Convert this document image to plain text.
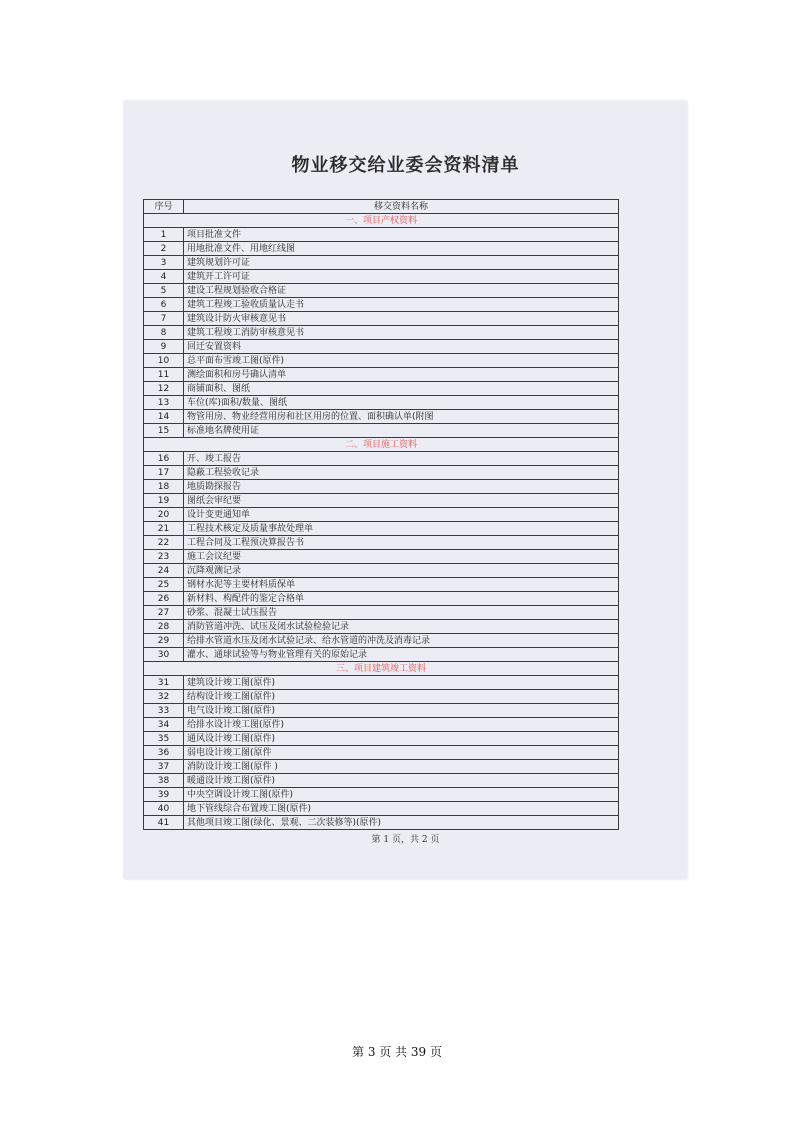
物业移交给业委会资料清单
序号	移交资料名称
一、项目产权资料	
1	项目批准文件
2	用地批准文件、用地红线图
3	建筑规划许可证
4	建筑开工许可证
5	建设工程规划验收合格证
6	建筑工程竣工验收质量认走书
7	建筑设计防火审核意见书
8	建筑工程竣工消防审核意见书
9	回迁安置资料
10	总平面布雪竣工图(原件)
11	测绘面积和房号确认清单
12	商铺面积、图纸
13	车位(库)面积/数量、图纸
14	物管用房、物业经营用房和社区用房的位置、面积确认单(附图
15	标准地名牌使用证
二、项目施工资料	
16	开、竣工报告
17	隐蔽工程验收记录
18	地质勘探报告
19	图纸会审纪要
20	设计变更通知单
21	工程技术核定及质量事故处理单
22	工程合同及工程预决算报告书
23	施工会议纪要
24	沉降观测记录
25	钢材水泥等主要材料质保单
26	新材料、构配件的鉴定合格单
27	砂浆、混凝士试压报告
28	消防管道冲洗、试压及闭水试验检验记录
29	给排水管道水压及闭水试验记录、给水管道的冲洗及消毒记录
30	灌水、通球试验等与物业管理有关的原始记录
三、项目建筑竣工资料	
31	建筑设计竣工图(原件)
32	结构设计竣工图(原件)
33	电气设计竣工图(原件)
34	给排水设计竣工图(原件)
35	通风设计竣工图(原件)
36	弱电设计竣工图(原件
37	消防设计竣工图(原件 )
38	暖通设计竣工图(原件)
39	中央空调设计竣工图(原件)
40	地下管线综合布置竣工图(原件)
41	其他项目竣工图(绿化、景观、二次装修等)(原件)
第 1 页，共 2 页
第 3 页 共 39 页
